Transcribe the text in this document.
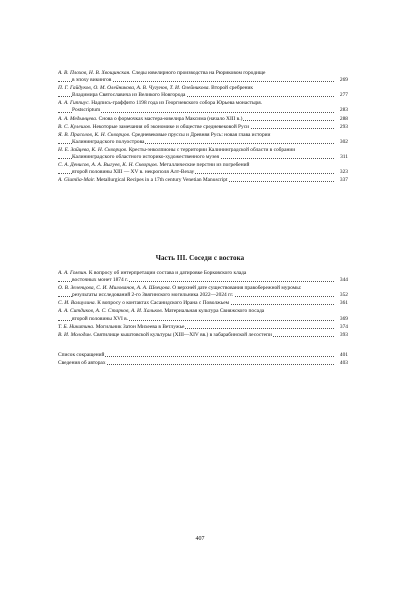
А. В. Плохов, Н. В. Хвощинская. Следы ювелирного производства на Рюриковом городище
в эпоху викингов	269
П. Г. Гайдуков, О. М. Олейникова, А. В. Чугунов, Т. И. Олейникова. Второй сребреник
Владимира Святославича из Великого Новгорода	277
А. А. Гиппиус. Надпись-граффито 1198 года из Георгиевского собора Юрьева монастыря.
Postscriptum	283
А. А. Медынцева. Снова о формочках мастера-ювелира Максима (начало XIII в.)	288
В. С. Кулешов. Некоторые замечания об экономике и обществе средневековой Руси	293
Я. В. Прасолов, К. Н. Скворцов. Средневековые пруссы и Древняя Русь: новая глава истории
Калининградского полуострова	302
Н. Е. Зайцева, К. Н. Скворцов. Кресты-энколпионы с территории Калининградской области в собрании
Калининградского областного историко-художественного музея	311
С. А. Денисов, А. А. Выгуев, К. Н. Скворцов. Металлические перстни из погребений
второй половины XIII — XV в. некрополя Алт-Вехау	323
A. Giumlia-Mair. Metallurgical Recipes in a 17th century Venetian Manuscript	337
Часть III. Соседи с востока
А. А. Гомзин. К вопросу об интерпретации состава и датировке Борковского клада
восточных монет 1874 г.	344
О. В. Зеленцова, С. И. Милованов, А. А. Швецова. О верхней дате существования правобережной муромы:
результаты исследований 2-го Звягинского могильника 2022—2024 гг.	352
С. И. Валиулина. К вопросу о контактах Сасанидского Ирана с Поволжьем	361
А. А. Ситдиков, А. С. Старков, А. И. Хальков. Материальная культура Свияжского посада
второй половины XVI в.	369
Т. Б. Никитина. Могильник Затон Михеева в Ветлужье	374
В. И. Молодин. Святилище кыштовской культуры (XIII—XIV вв.) в забарабинской лесостепи	393
Список сокращений	401
Сведения об авторах	403
407
